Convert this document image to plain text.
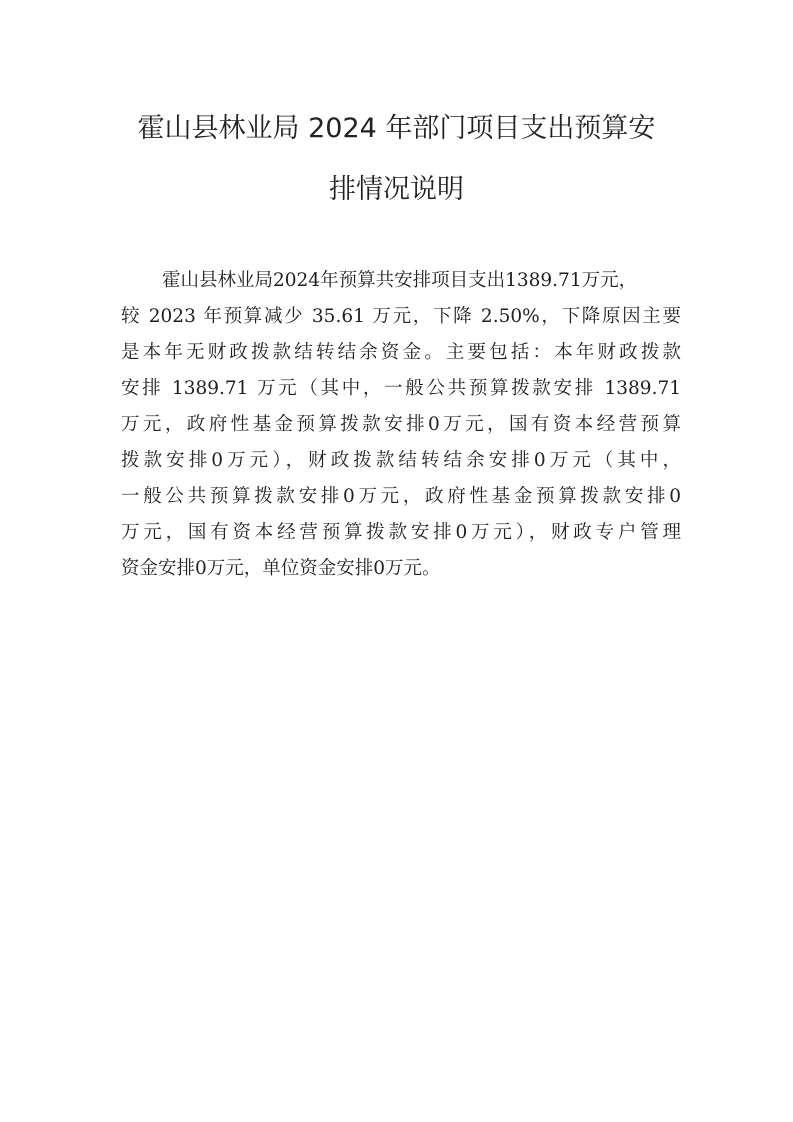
霍山县林业局 2024 年部门项目支出预算安
排情况说明
霍山县林业局2024年预算共安排项目支出1389.71万元，
较 2023 年预算减少 35.61 万元，下降 2.50%，下降原因主要
是本年无财政拨款结转结余资金。主要包括：本年财政拨款
安排 1389.71 万元（其中，一般公共预算拨款安排 1389.71
万元，政府性基金预算拨款安排0万元，国有资本经营预算
拨款安排0万元），财政拨款结转结余安排0万元（其中，
一般公共预算拨款安排0万元，政府性基金预算拨款安排0
万元，国有资本经营预算拨款安排0万元），财政专户管理
资金安排0万元，单位资金安排0万元。
